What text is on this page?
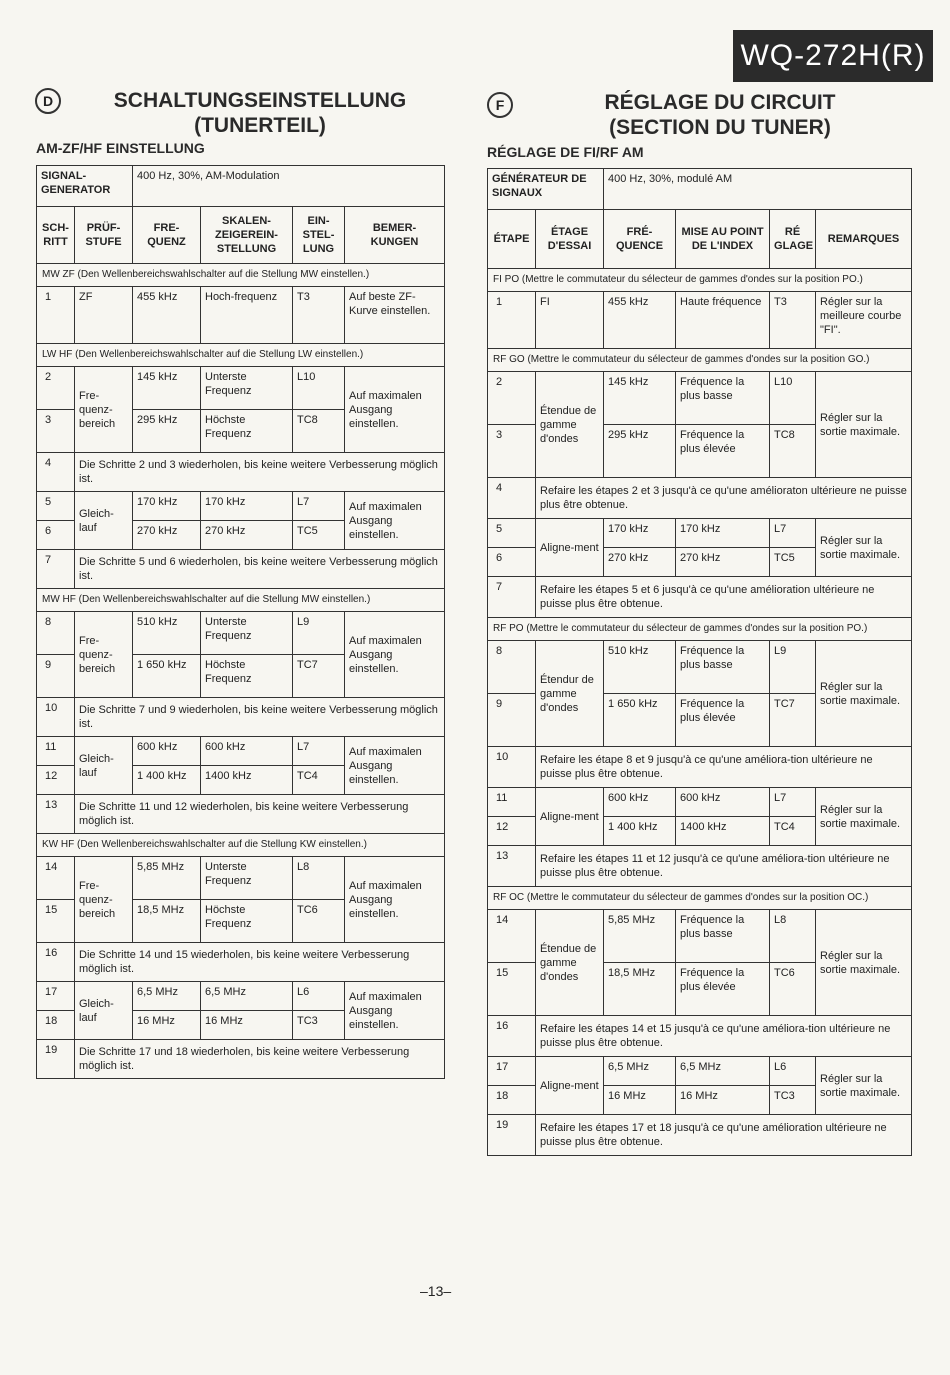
WQ-272H(R)
D	SCHALTUNGSEINSTELLUNG
(TUNERTEIL)
AM-ZF/HF EINSTELLUNG
SIGNAL-GENERATOR		400 Hz, 30%, AM-Modulation			
SCH-RITT	PRÜF-STUFE	FRE-QUENZ	SKALEN-ZEIGEREIN-STELLUNG	EIN-STEL-LUNG	BEMER-KUNGEN
MW ZF (Den Wellenbereichswahlschalter auf die Stellung MW einstellen.)					
1	ZF	455 kHz	Hoch-frequenz	T3	Auf beste ZF-Kurve einstellen.
LW HF (Den Wellenbereichswahlschalter auf die Stellung LW einstellen.)					
2	Fre-quenz-bereich	145 kHz	Unterste Frequenz	L10	Auf maximalen Ausgang einstellen.
3		295 kHz	Höchste Frequenz	TC8	
4	Die Schritte 2 und 3 wiederholen, bis keine weitere Verbesserung möglich ist.				
5	Gleich-lauf	170 kHz	170 kHz	L7	Auf maximalen Ausgang einstellen.
6		270 kHz	270 kHz	TC5	
7	Die Schritte 5 und 6 wiederholen, bis keine weitere Verbesserung möglich ist.				
MW HF (Den Wellenbereichswahlschalter auf die Stellung MW einstellen.)					
8	Fre-quenz-bereich	510 kHz	Unterste Frequenz	L9	Auf maximalen Ausgang einstellen.
9		1 650 kHz	Höchste Frequenz	TC7	
10	Die Schritte 7 und 9 wiederholen, bis keine weitere Verbesserung möglich ist.				
11	Gleich-lauf	600 kHz	600 kHz	L7	Auf maximalen Ausgang einstellen.
12		1 400 kHz	1400 kHz	TC4	
13	Die Schritte 11 und 12 wiederholen, bis keine weitere Verbesserung möglich ist.				
KW HF (Den Wellenbereichswahlschalter auf die Stellung KW einstellen.)					
14	Fre-quenz-bereich	5,85 MHz	Unterste Frequenz	L8	Auf maximalen Ausgang einstellen.
15		18,5 MHz	Höchste Frequenz	TC6	
16	Die Schritte 14 und 15 wiederholen, bis keine weitere Verbesserung möglich ist.				
17	Gleich-lauf	6,5 MHz	6,5 MHz	L6	Auf maximalen Ausgang einstellen.
18		16 MHz	16 MHz	TC3	
19	Die Schritte 17 und 18 wiederholen, bis keine weitere Verbesserung möglich ist.				
F	RÉGLAGE DU CIRCUIT
(SECTION DU TUNER)
RÉGLAGE DE FI/RF AM
GÉNÉRATEUR DE SIGNAUX		400 Hz, 30%, modulé AM			
ÉTAPE	ÉTAGE D'ESSAI	FRÉ-QUENCE	MISE AU POINT DE L'INDEX	RÉ GLAGE	REMARQUES
FI PO (Mettre le commutateur du sélecteur de gammes d'ondes sur la position PO.)					
1	FI	455 kHz	Haute fréquence	T3	Régler sur la meilleure courbe "FI".
RF GO (Mettre le commutateur du sélecteur de gammes d'ondes sur la position GO.)					
2	Étendue de gamme d'ondes	145 kHz	Fréquence la plus basse	L10	Régler sur la sortie maximale.
3		295 kHz	Fréquence la plus élevée	TC8	
4	Refaire les étapes 2 et 3 jusqu'à ce qu'une amélioraton ultérieure ne puisse plus être obtenue.				
5	Aligne-ment	170 kHz	170 kHz	L7	Régler sur la sortie maximale.
6		270 kHz	270 kHz	TC5	
7	Refaire les étapes 5 et 6 jusqu'à ce qu'une amélioration ultérieure ne puisse plus être obtenue.				
RF PO (Mettre le commutateur du sélecteur de gammes d'ondes sur la position PO.)					
8	Étendur de gamme d'ondes	510 kHz	Fréquence la plus basse	L9	Régler sur la sortie maximale.
9		1 650 kHz	Fréquence la plus élevée	TC7	
10	Refaire les étape 8 et 9 jusqu'à ce qu'une améliora-tion ultérieure ne puisse plus être obtenue.				
11	Aligne-ment	600 kHz	600 kHz	L7	Régler sur la sortie maximale.
12		1 400 kHz	1400 kHz	TC4	
13	Refaire les étapes 11 et 12 jusqu'à ce qu'une améliora-tion ultérieure ne puisse plus être obtenue.				
RF OC (Mettre le commutateur du sélecteur de gammes d'ondes sur la position OC.)					
14	Étendue de gamme d'ondes	5,85 MHz	Fréquence la plus basse	L8	Régler sur la sortie maximale.
15		18,5 MHz	Fréquence la plus élevée	TC6	
16	Refaire les étapes 14 et 15 jusqu'à ce qu'une améliora-tion ultérieure ne puisse plus être obtenue.				
17	Aligne-ment	6,5 MHz	6,5 MHz	L6	Régler sur la sortie maximale.
18		16 MHz	16 MHz	TC3	
19	Refaire les étapes 17 et 18 jusqu'à ce qu'une amélioration ultérieure ne puisse plus être obtenue.				
–13–
